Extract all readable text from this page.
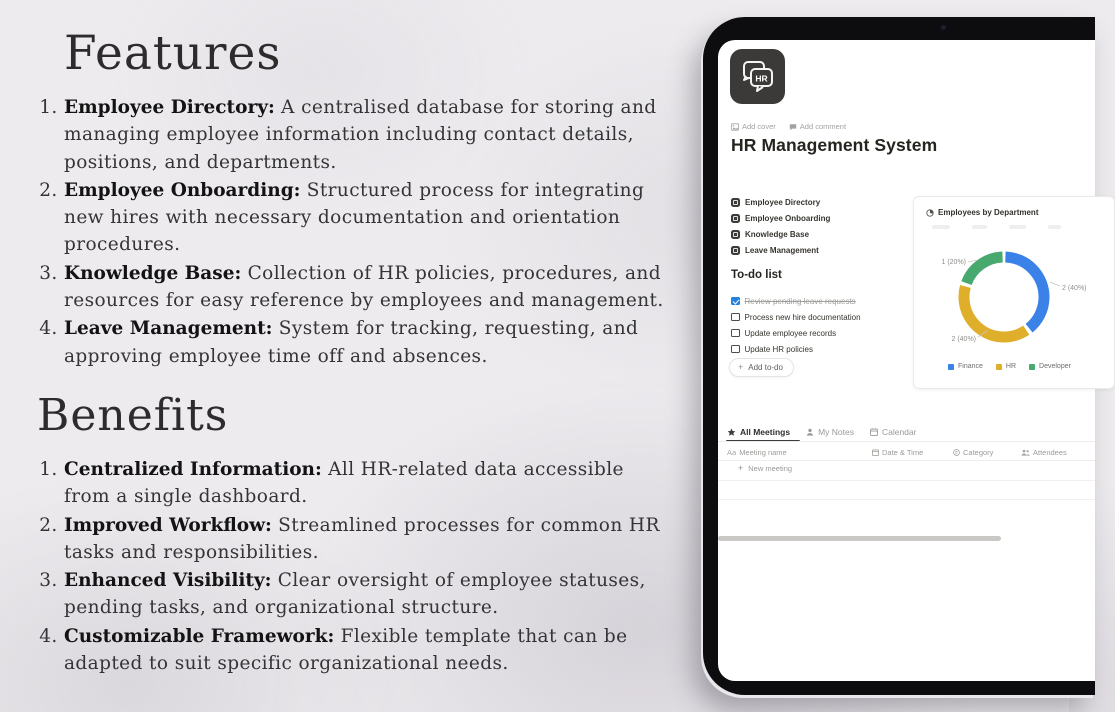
Features
1. Employee Directory: A centralised database for storing and managing employee information including contact details, positions, and departments.
2. Employee Onboarding: Structured process for integrating new hires with necessary documentation and orientation procedures.
3. Knowledge Base: Collection of HR policies, procedures, and resources for easy reference by employees and management.
4. Leave Management: System for tracking, requesting, and approving employee time off and absences.
Benefits
1. Centralized Information: All HR-related data accessible from a single dashboard.
2. Improved Workflow: Streamlined processes for common HR tasks and responsibilities.
3. Enhanced Visibility: Clear oversight of employee statuses, pending tasks, and organizational structure.
4. Customizable Framework: Flexible template that can be adapted to suit specific organizational needs.
HR
Add cover	Add comment
HR Management System
Employee Directory
Employee Onboarding
Knowledge Base
Leave Management
To-do list
Review pending leave requests
Process new hire documentation
Update employee records
Update HR policies
+ Add to-do
Employees by Department
1 (20%)
2 (40%)
2 (40%)
Finance	HR	Developer
All Meetings	My Notes	Calendar
Aa Meeting name	Date & Time	Category	Attendees
+ New meeting
